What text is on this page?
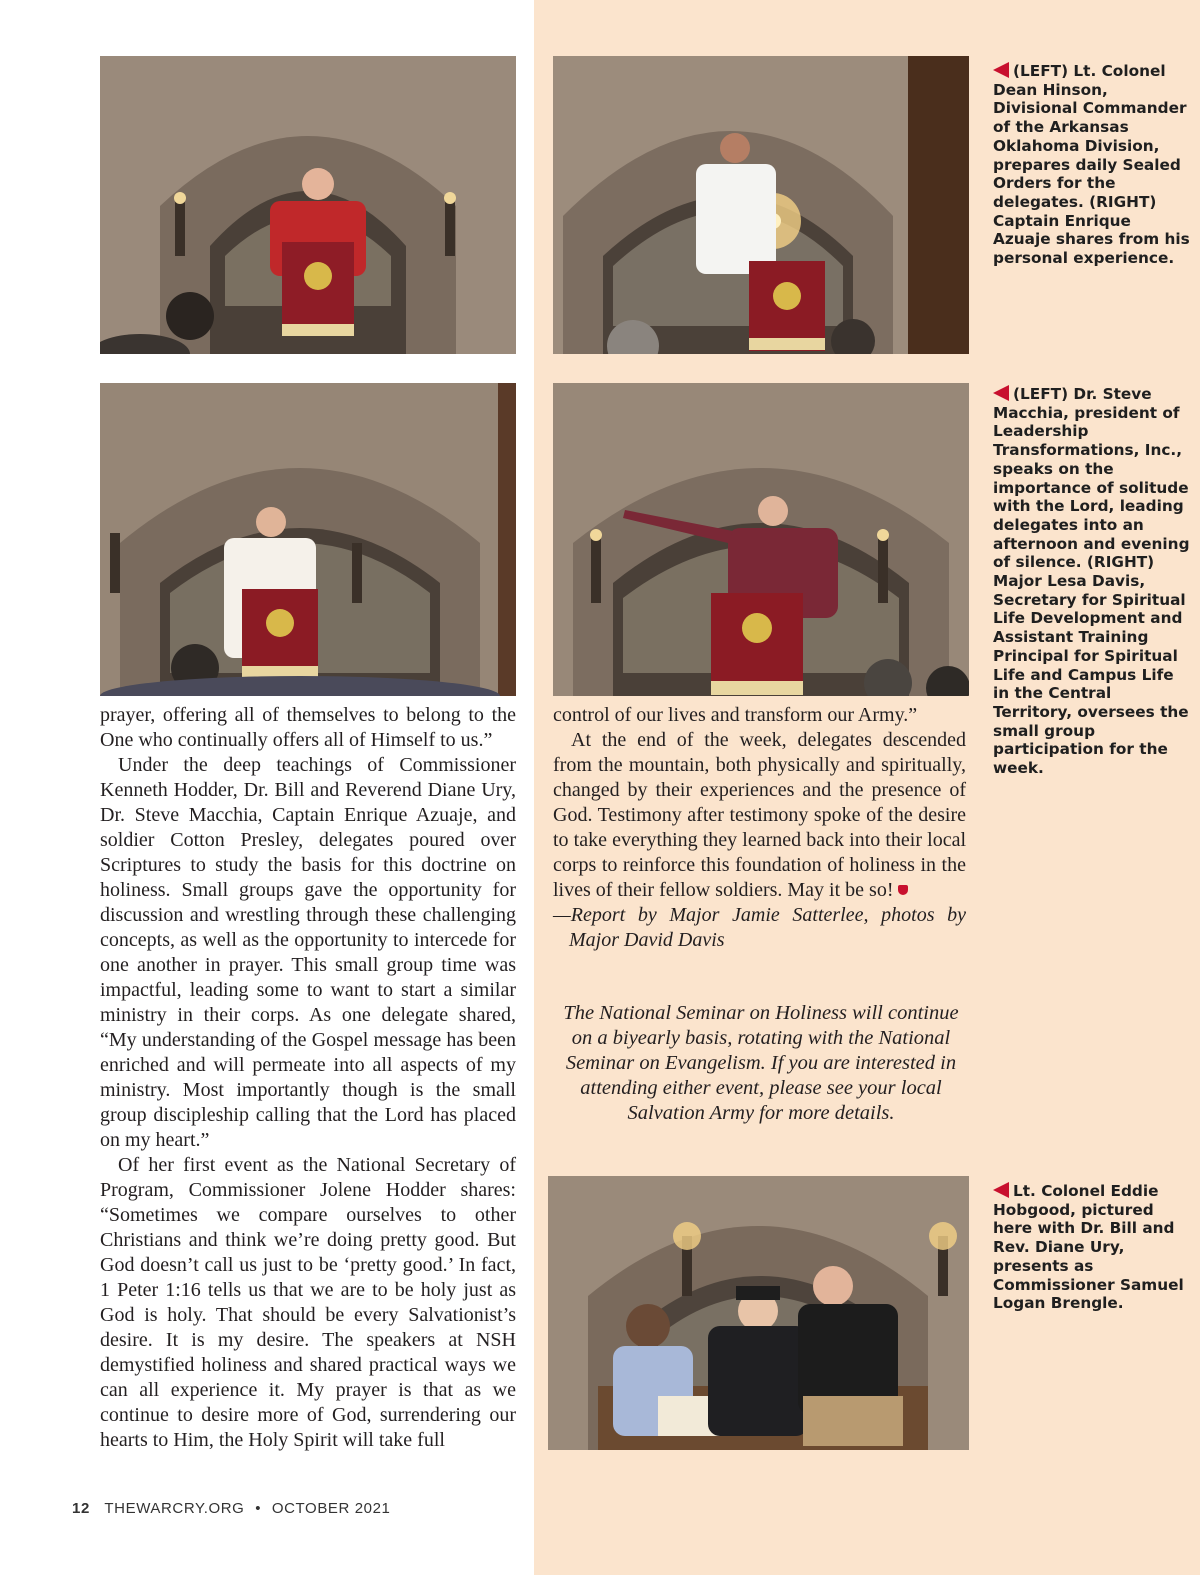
(LEFT) Lt. Colonel Dean Hinson, Divisional Commander of the Arkansas Oklahoma Division, prepares daily Sealed Orders for the delegates. (RIGHT) Captain Enrique Azuaje shares from his personal experience.
(LEFT) Dr. Steve Macchia, president of Leadership Transformations, Inc., speaks on the importance of solitude with the Lord, leading delegates into an afternoon and evening of silence. (RIGHT) Major Lesa Davis, Secretary for Spiritual Life Development and Assistant Training Principal for Spiritual Life and Campus Life in the Central Territory, oversees the small group participation for the week.
Lt. Colonel Eddie Hobgood, pictured here with Dr. Bill and Rev. Diane Ury, presents as Commissioner Samuel Logan Brengle.

prayer, offering all of themselves to belong to the One who continually offers all of Himself to us.”

Under the deep teachings of Commissioner Kenneth Hodder, Dr. Bill and Reverend Diane Ury, Dr. Steve Macchia, Captain Enrique Azuaje, and soldier Cotton Presley, delegates poured over Scriptures to study the basis for this doctrine on holiness. Small groups gave the opportunity for discussion and wrestling through these challenging concepts, as well as the opportunity to intercede for one another in prayer. This small group time was impactful, leading some to want to start a similar ministry in their corps. As one delegate shared, “My understanding of the Gospel message has been enriched and will permeate into all aspects of my ministry. Most importantly though is the small group discipleship calling that the Lord has placed on my heart.”

Of her first event as the National Secretary of Program, Commissioner Jolene Hodder shares: “Sometimes we compare ourselves to other Christians and think we’re doing pretty good. But God doesn’t call us just to be ‘pretty good.’ In fact, 1 Peter 1:16 tells us that we are to be holy just as God is holy. That should be every Salvationist’s desire. It is my desire. The speakers at NSH demystified holiness and shared practical ways we can all experience it. My prayer is that as we continue to desire more of God, surrendering our hearts to Him, the Holy Spirit will take full

control of our lives and transform our Army.”

At the end of the week, delegates descended from the mountain, both physically and spiritually, changed by their experiences and the presence of God. Testimony after testimony spoke of the desire to take everything they learned back into their local corps to reinforce this foundation of holiness in the lives of their fellow soldiers. May it be so!

—Report by Major Jamie Satterlee, photos by Major David Davis

The National Seminar on Holiness will continue on a biyearly basis, rotating with the National Seminar on Evangelism. If you are interested in attending either event, please see your local Salvation Army for more details.
12 THEWARCRY.ORG • OCTOBER 2021
